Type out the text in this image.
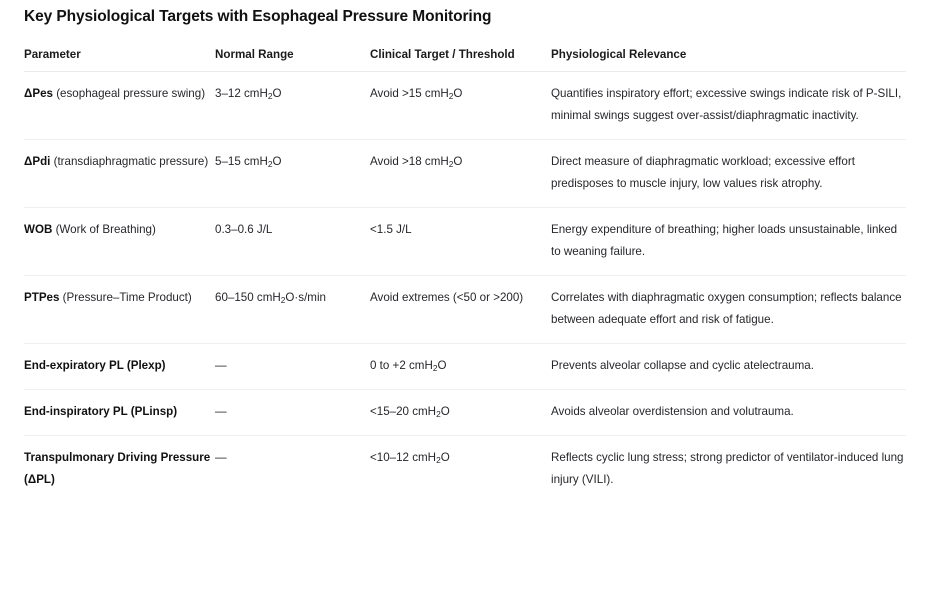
Key Physiological Targets with Esophageal Pressure Monitoring
Parameter	Normal Range	Clinical Target / Threshold	Physiological Relevance
ΔPes (esophageal pressure swing)	3–12 cmH$_2$O	Avoid >15 cmH$_2$O	Quantifies inspiratory effort; excessive swings indicate risk of P-SILI, minimal swings suggest over-assist/diaphragmatic inactivity.
ΔPdi (transdiaphragmatic pressure)	5–15 cmH$_2$O	Avoid >18 cmH$_2$O	Direct measure of diaphragmatic workload; excessive effort predisposes to muscle injury, low values risk atrophy.
WOB (Work of Breathing)	0.3–0.6 J/L	<1.5 J/L	Energy expenditure of breathing; higher loads unsustainable, linked to weaning failure.
PTPes (Pressure–Time Product)	60–150 cmH$_2$O·s/min	Avoid extremes (<50 or >200)	Correlates with diaphragmatic oxygen consumption; reflects balance between adequate effort and risk of fatigue.
End-expiratory PL (Plexp)	—	0 to +2 cmH$_2$O	Prevents alveolar collapse and cyclic atelectrauma.
End-inspiratory PL (PLinsp)	—	<15–20 cmH$_2$O	Avoids alveolar overdistension and volutrauma.
Transpulmonary Driving Pressure (ΔPL)	—	<10–12 cmH$_2$O	Reflects cyclic lung stress; strong predictor of ventilator-induced lung injury (VILI).
